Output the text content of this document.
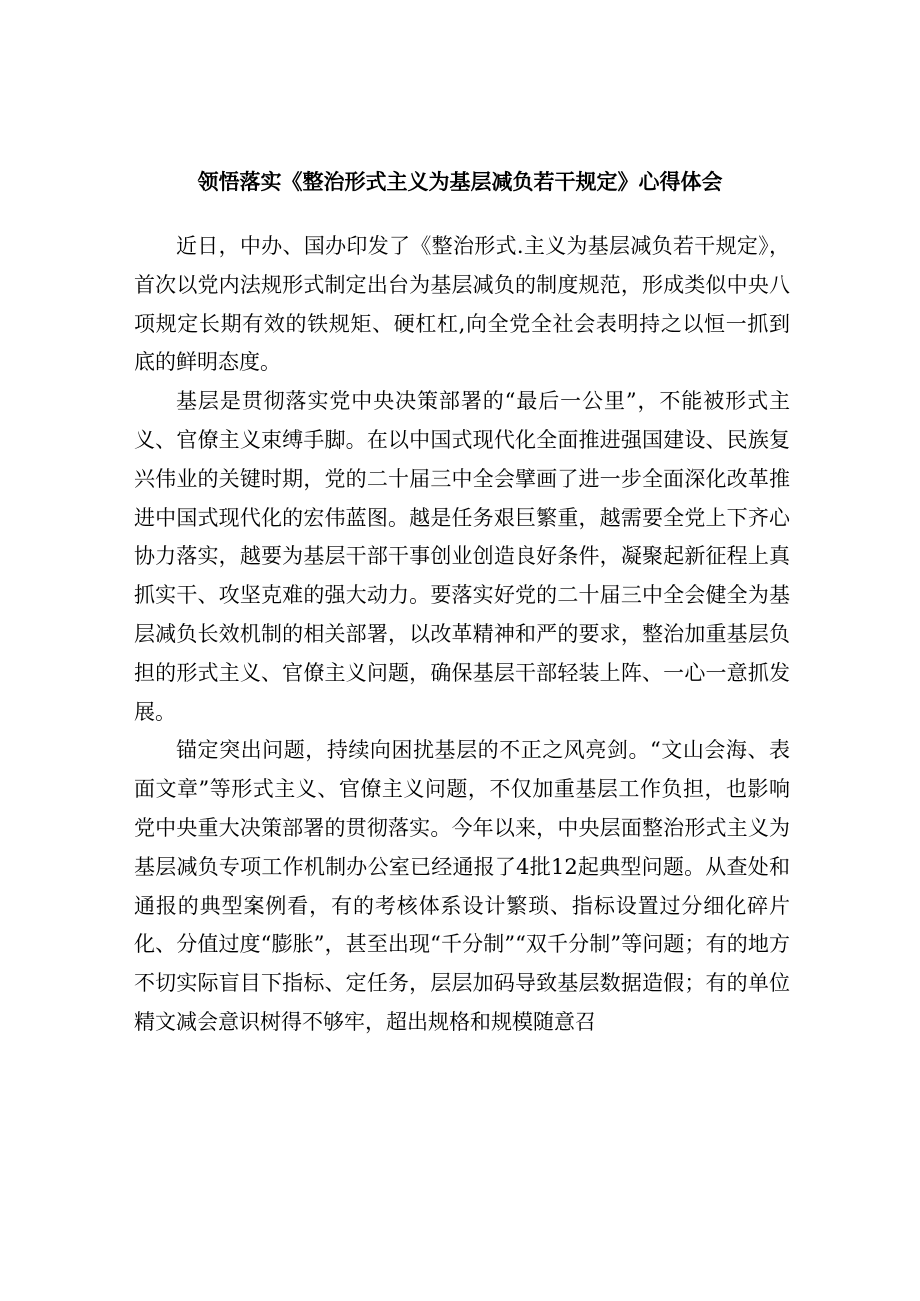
领悟落实《整治形式主义为基层减负若干规定》心得体会

近日，中办、国办印发了《整治形式.主义为基层减负若干规定》，首次以党内法规形式制定出台为基层减负的制度规范，形成类似中央八项规定长期有效的铁规矩、硬杠杠,向全党全社会表明持之以恒一抓到底的鲜明态度。

基层是贯彻落实党中央决策部署的“最后一公里”，不能被形式主义、官僚主义束缚手脚。在以中国式现代化全面推进强国建设、民族复兴伟业的关键时期，党的二十届三中全会擘画了进一步全面深化改革推进中国式现代化的宏伟蓝图。越是任务艰巨繁重，越需要全党上下齐心协力落实，越要为基层干部干事创业创造良好条件，凝聚起新征程上真抓实干、攻坚克难的强大动力。要落实好党的二十届三中全会健全为基层减负长效机制的相关部署，以改革精神和严的要求，整治加重基层负担的形式主义、官僚主义问题，确保基层干部轻装上阵、一心一意抓发展。

锚定突出问题，持续向困扰基层的不正之风亮剑。“文山会海、表面文章”等形式主义、官僚主义问题，不仅加重基层工作负担，也影响党中央重大决策部署的贯彻落实。今年以来，中央层面整治形式主义为基层减负专项工作机制办公室已经通报了4批12起典型问题。从查处和通报的典型案例看，有的考核体系设计繁琐、指标设置过分细化碎片化、分值过度“膨胀”，甚至出现“千分制”“双千分制”等问题；有的地方不切实际盲目下指标、定任务，层层加码导致基层数据造假；有的单位精文减会意识树得不够牢，超出规格和规模随意召
